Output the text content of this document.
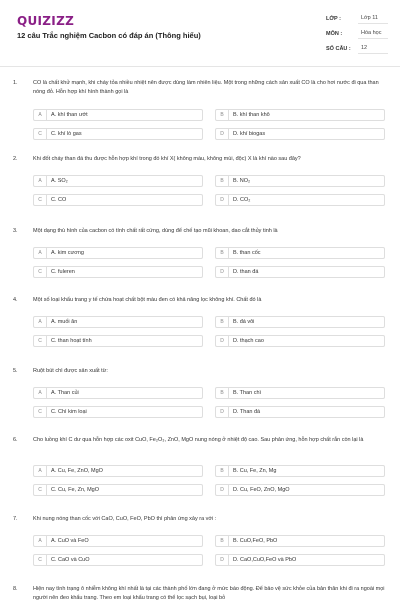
QUIZIZZ
12 câu Trắc nghiệm Cacbon có đáp án (Thông hiểu)
LỚP :	Lớp 11
MÔN :	Hóa học
SỐ CÂU :	12
1.	CO là chất khử mạnh, khi cháy tỏa nhiều nhiệt nên được dùng làm nhiên liệu. Một trong những cách sản xuất CO là cho hơi nước đi qua than nóng đỏ. Hỗn hợp khí hình thành gọi là
A	A. khí than ướt	B	B. khí than khô
C	C. khí lò gas	D	D. khí biogas
2.	Khi đốt cháy than đá thu được hỗn hợp khí trong đó khí X( không màu, không mùi, độc) X là khí nào sau đây?
A	A. SO₂	B	B. NO₂
C	C. CO	D	D. CO₂
3.	Một dạng thù hình của cacbon có tính chất rất cứng, dùng để chế tạo mũi khoan, dao cắt thủy tinh là
A	A. kim cương	B	B. than cốc
C	C. fuleren	D	D. than đá
4.	Một số loại khẩu trang y tế chứa hoạt chất bột màu đen có khả năng lọc không khí. Chất đó là
A	A. muối ăn	B	B. đá vôi
C	C. than hoạt tính	D	D. thạch cao
5.	Ruột bút chì được sản xuất từ:
A	A. Than củi	B	B. Than chì
C	C. Chì kim loại	D	D. Than đá
6.	Cho luồng khí C dư qua hỗn hợp các oxit CuO, Fe₂O₃, ZnO, MgO nung nóng ở nhiệt độ cao. Sau phản ứng, hỗn hợp chất rắn còn lại là
A	A. Cu, Fe, ZnO, MgO	B	B. Cu, Fe, Zn, Mg
C	C. Cu, Fe, Zn, MgO	D	D. Cu, FeO, ZnO, MgO
7.	Khi nung nóng than cốc với CaO, CuO, FeO, PbO thì phản ứng xảy ra với :
A	A. CuO và FeO	B	B. CuO,FeO, PbO
C	C. CaO và CuO	D	D. CaO,CuO,FeO và PbO
8.	Hiện nay tình trạng ô nhiễm không khí nhất là tại các thành phố lớn đang ở mức báo động. Để bảo vệ sức khỏe của bản thân khi đi ra ngoài mọi người nên đeo khẩu trang. Theo em loại khẩu trang có thể lọc sạch bụi, loại bỏ
